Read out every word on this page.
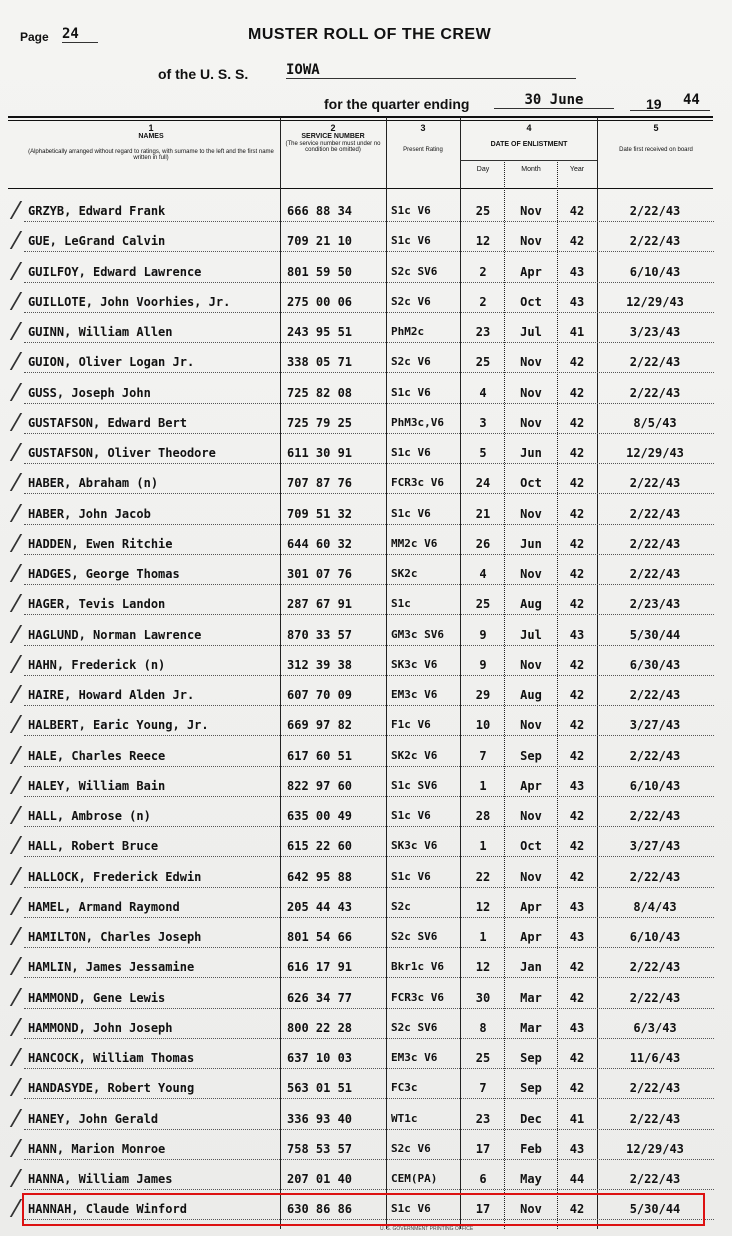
Page 24	MUSTER ROLL OF THE CREW
of the U. S. S.	IOWA
for the quarter ending	30 June	19 44
1
NAMES
(Alphabetically arranged without regard to ratings, with surname to the left and the first name written in full)
2
SERVICE NUMBER
(The service number must under no condition be omitted)
3
Present Rating
4
DATE OF ENLISTMENT
Day	Month	Year
5
Date first received on board
GRZYB, Edward Frank	666 88 34	S1c V6	25	Nov	42	2/22/43
GUE, LeGrand Calvin	709 21 10	S1c V6	12	Nov	42	2/22/43
GUILFOY, Edward Lawrence	801 59 50	S2c SV6	2	Apr	43	6/10/43
GUILLOTE, John Voorhies, Jr.	275 00 06	S2c V6	2	Oct	43	12/29/43
GUINN, William Allen	243 95 51	PhM2c	23	Jul	41	3/23/43
GUION, Oliver Logan Jr.	338 05 71	S2c V6	25	Nov	42	2/22/43
GUSS, Joseph John	725 82 08	S1c V6	4	Nov	42	2/22/43
GUSTAFSON, Edward Bert	725 79 25	PhM3c,V6	3	Nov	42	8/5/43
GUSTAFSON, Oliver Theodore	611 30 91	S1c V6	5	Jun	42	12/29/43
HABER, Abraham (n)	707 87 76	FCR3c V6	24	Oct	42	2/22/43
HABER, John Jacob	709 51 32	S1c V6	21	Nov	42	2/22/43
HADDEN, Ewen Ritchie	644 60 32	MM2c V6	26	Jun	42	2/22/43
HADGES, George Thomas	301 07 76	SK2c	4	Nov	42	2/22/43
HAGER, Tevis Landon	287 67 91	S1c	25	Aug	42	2/23/43
HAGLUND, Norman Lawrence	870 33 57	GM3c SV6	9	Jul	43	5/30/44
HAHN, Frederick (n)	312 39 38	SK3c V6	9	Nov	42	6/30/43
HAIRE, Howard Alden Jr.	607 70 09	EM3c V6	29	Aug	42	2/22/43
HALBERT, Earic Young, Jr.	669 97 82	F1c V6	10	Nov	42	3/27/43
HALE, Charles Reece	617 60 51	SK2c V6	7	Sep	42	2/22/43
HALEY, William Bain	822 97 60	S1c SV6	1	Apr	43	6/10/43
HALL, Ambrose (n)	635 00 49	S1c V6	28	Nov	42	2/22/43
HALL, Robert Bruce	615 22 60	SK3c V6	1	Oct	42	3/27/43
HALLOCK, Frederick Edwin	642 95 88	S1c V6	22	Nov	42	2/22/43
HAMEL, Armand Raymond	205 44 43	S2c	12	Apr	43	8/4/43
HAMILTON, Charles Joseph	801 54 66	S2c SV6	1	Apr	43	6/10/43
HAMLIN, James Jessamine	616 17 91	Bkr1c V6	12	Jan	42	2/22/43
HAMMOND, Gene Lewis	626 34 77	FCR3c V6	30	Mar	42	2/22/43
HAMMOND, John Joseph	800 22 28	S2c SV6	8	Mar	43	6/3/43
HANCOCK, William Thomas	637 10 03	EM3c V6	25	Sep	42	11/6/43
HANDASYDE, Robert Young	563 01 51	FC3c	7	Sep	42	2/22/43
HANEY, John Gerald	336 93 40	WT1c	23	Dec	41	2/22/43
HANN, Marion Monroe	758 53 57	S2c V6	17	Feb	43	12/29/43
HANNA, William James	207 01 40	CEM(PA)	6	May	44	2/22/43
HANNAH, Claude Winford	630 86 86	S1c V6	17	Nov	42	5/30/44
U. S. GOVERNMENT PRINTING OFFICE
